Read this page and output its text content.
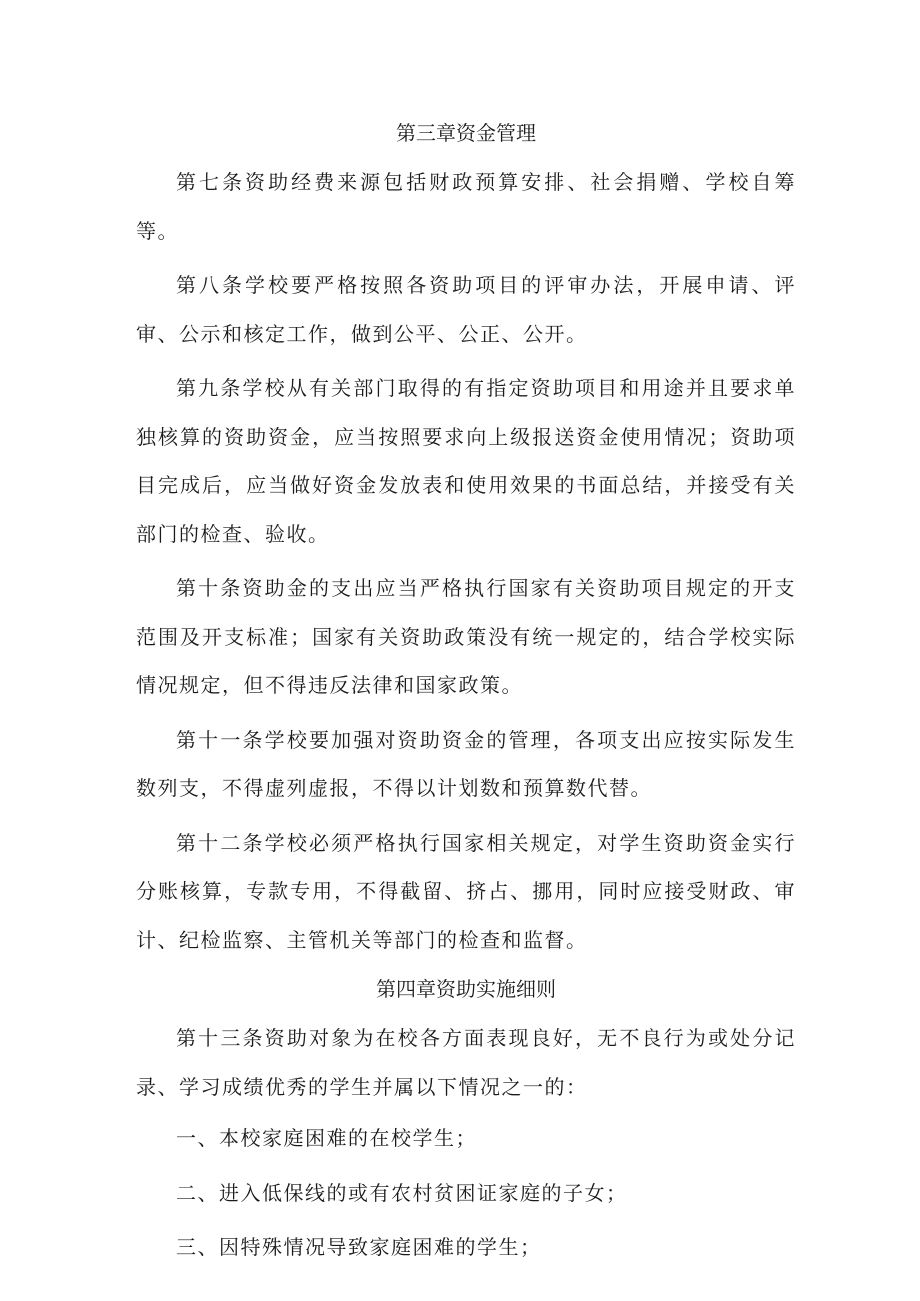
第三章资金管理

第七条资助经费来源包括财政预算安排、社会捐赠、学校自筹等。

第八条学校要严格按照各资助项目的评审办法，开展申请、评审、公示和核定工作，做到公平、公正、公开。

第九条学校从有关部门取得的有指定资助项目和用途并且要求单独核算的资助资金，应当按照要求向上级报送资金使用情况；资助项目完成后，应当做好资金发放表和使用效果的书面总结，并接受有关部门的检查、验收。

第十条资助金的支出应当严格执行国家有关资助项目规定的开支范围及开支标准；国家有关资助政策没有统一规定的，结合学校实际情况规定，但不得违反法律和国家政策。

第十一条学校要加强对资助资金的管理，各项支出应按实际发生数列支，不得虚列虚报，不得以计划数和预算数代替。

第十二条学校必须严格执行国家相关规定，对学生资助资金实行分账核算，专款专用，不得截留、挤占、挪用，同时应接受财政、审计、纪检监察、主管机关等部门的检查和监督。

第四章资助实施细则

第十三条资助对象为在校各方面表现良好，无不良行为或处分记录、学习成绩优秀的学生并属以下情况之一的：

一、本校家庭困难的在校学生；

二、进入低保线的或有农村贫困证家庭的子女；

三、因特殊情况导致家庭困难的学生；
